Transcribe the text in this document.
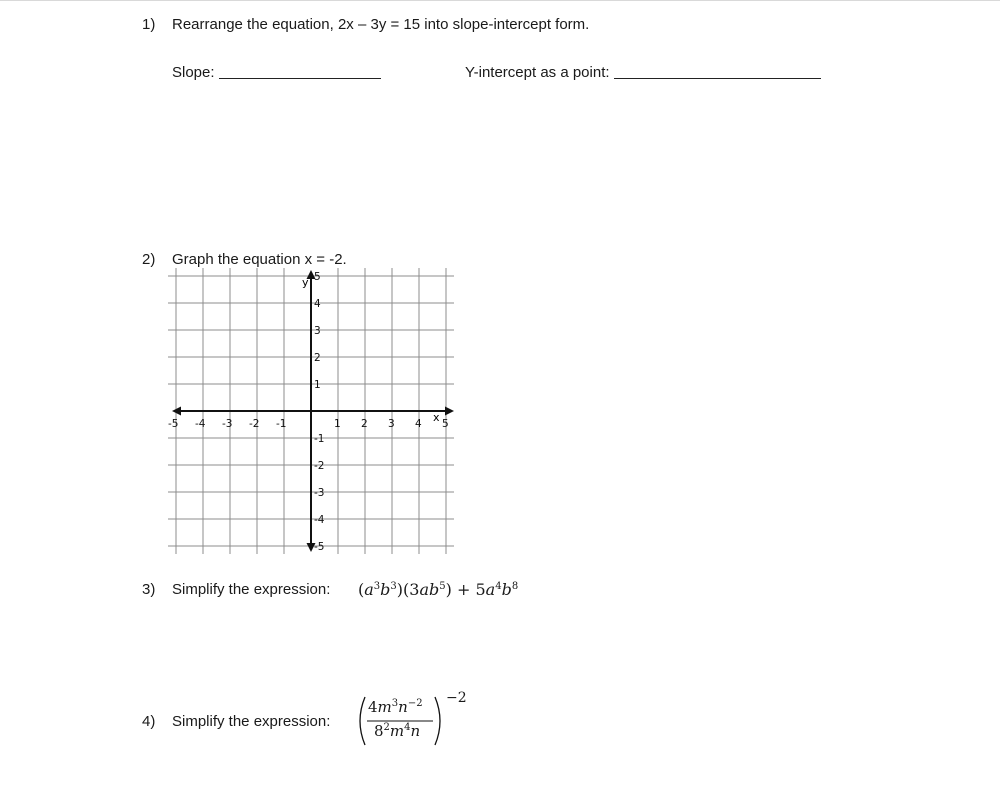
1) Rearrange the equation, 2x – 3y = 15 into slope-intercept form.
Slope:	Y-intercept as a point:
2) Graph the equation x = -2.
-5 -4 -3 -2 -1	1 2 3 4 5
5
4
3
2
1
-1
-2
-3
-4
-5
y
x
3) Simplify the expression: $(a^3b^3)(3ab^5) + 5a^4b^8$
4) Simplify the expression:
$4m^3n^{-2}$
$8^2m^4n$
−2
